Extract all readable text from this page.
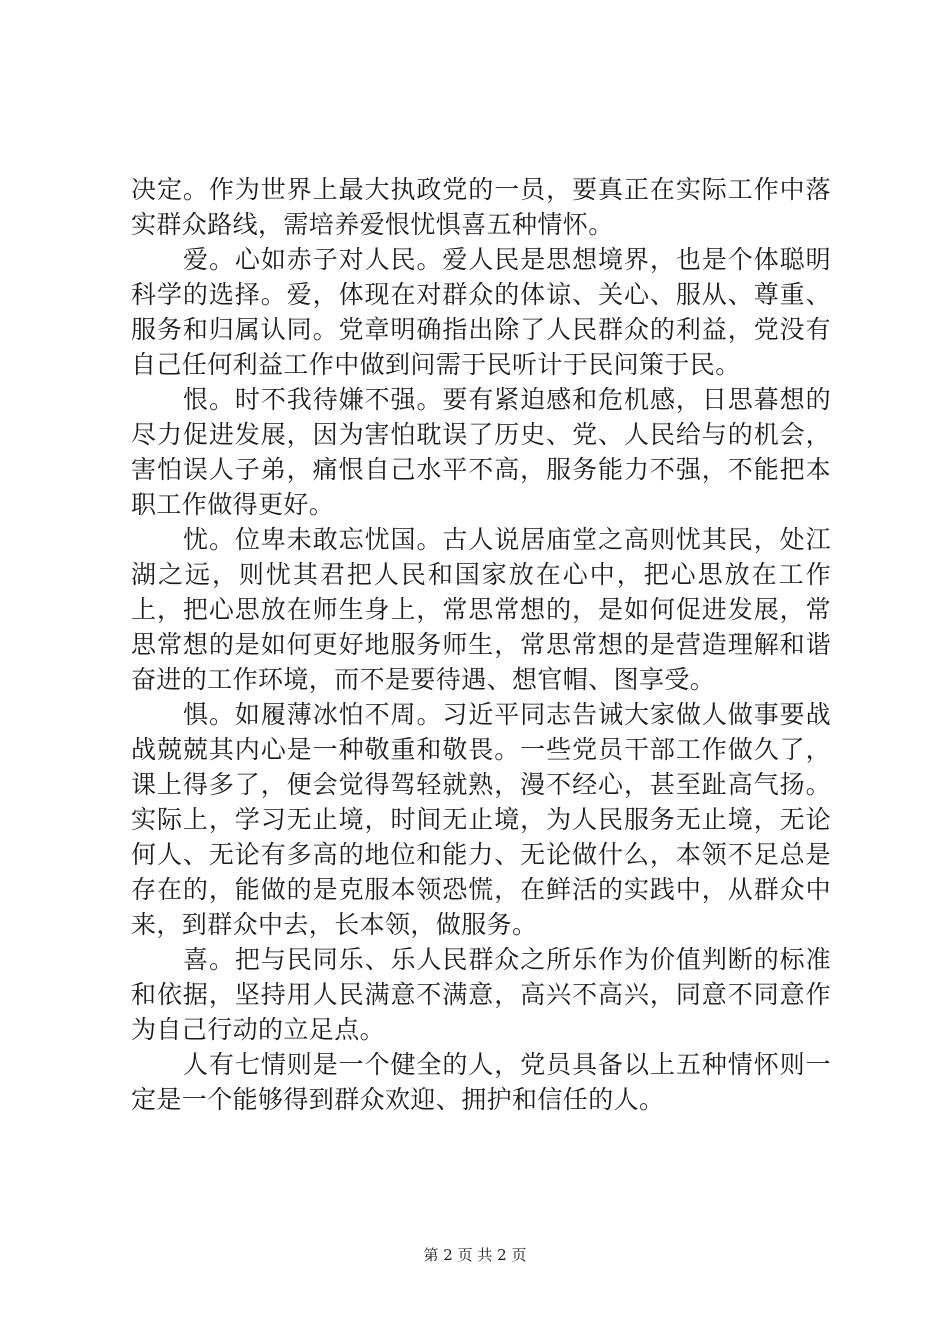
决定。作为世界上最大执政党的一员，要真正在实际工作中落实群众路线，需培养爱恨忧惧喜五种情怀。

爱。心如赤子对人民。爱人民是思想境界，也是个体聪明科学的选择。爱，体现在对群众的体谅、关心、服从、尊重、服务和归属认同。党章明确指出除了人民群众的利益，党没有自己任何利益工作中做到问需于民听计于民问策于民。

恨。时不我待嫌不强。要有紧迫感和危机感，日思暮想的尽力促进发展，因为害怕耽误了历史、党、人民给与的机会，害怕误人子弟，痛恨自己水平不高，服务能力不强，不能把本职工作做得更好。

忧。位卑未敢忘忧国。古人说居庙堂之高则忧其民，处江湖之远，则忧其君把人民和国家放在心中，把心思放在工作上，把心思放在师生身上，常思常想的，是如何促进发展，常思常想的是如何更好地服务师生，常思常想的是营造理解和谐奋进的工作环境，而不是要待遇、想官帽、图享受。

惧。如履薄冰怕不周。习近平同志告诫大家做人做事要战战兢兢其内心是一种敬重和敬畏。一些党员干部工作做久了，课上得多了，便会觉得驾轻就熟，漫不经心，甚至趾高气扬。实际上，学习无止境，时间无止境，为人民服务无止境，无论何人、无论有多高的地位和能力、无论做什么，本领不足总是存在的，能做的是克服本领恐慌，在鲜活的实践中，从群众中来，到群众中去，长本领，做服务。

喜。把与民同乐、乐人民群众之所乐作为价值判断的标准和依据，坚持用人民满意不满意，高兴不高兴，同意不同意作为自己行动的立足点。

人有七情则是一个健全的人，党员具备以上五种情怀则一定是一个能够得到群众欢迎、拥护和信任的人。

第 2 页 共 2 页
